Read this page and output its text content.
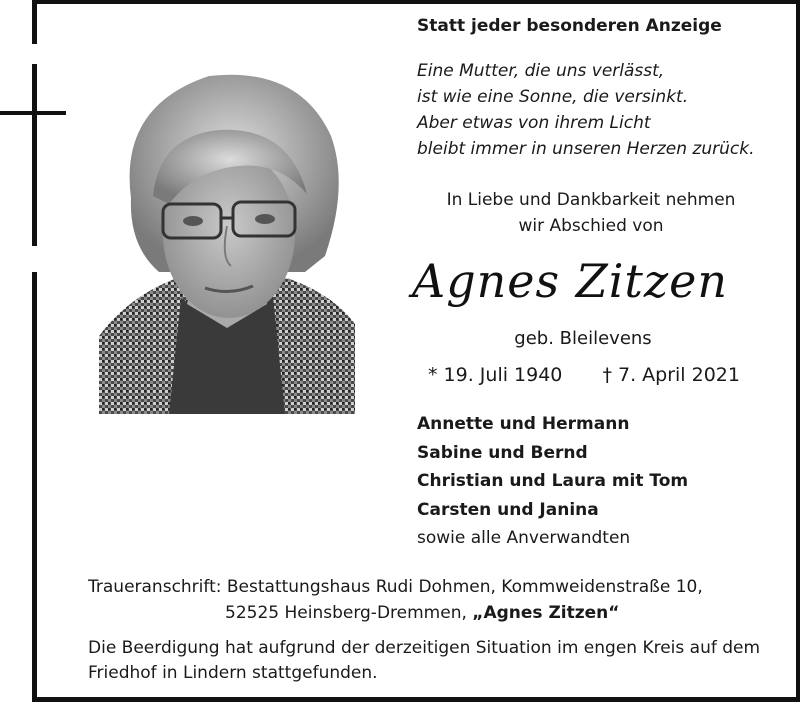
Statt jeder besonderen Anzeige
Eine Mutter, die uns verlässt,
ist wie eine Sonne, die versinkt.
Aber etwas von ihrem Licht
bleibt immer in unseren Herzen zurück.
In Liebe und Dankbarkeit nehmen
wir Abschied von
Agnes Zitzen
geb. Bleilevens
* 19. Juli 1940 † 7. April 2021
Annette und Hermann
Sabine und Bernd
Christian und Laura mit Tom
Carsten und Janina
sowie alle Anverwandten
Traueranschrift: Bestattungshaus Rudi Dohmen, Kommweidenstraße 10,
52525 Heinsberg-Dremmen, „Agnes Zitzen“
Die Beerdigung hat aufgrund der derzeitigen Situation im engen Kreis auf dem Friedhof in Lindern stattgefunden.
